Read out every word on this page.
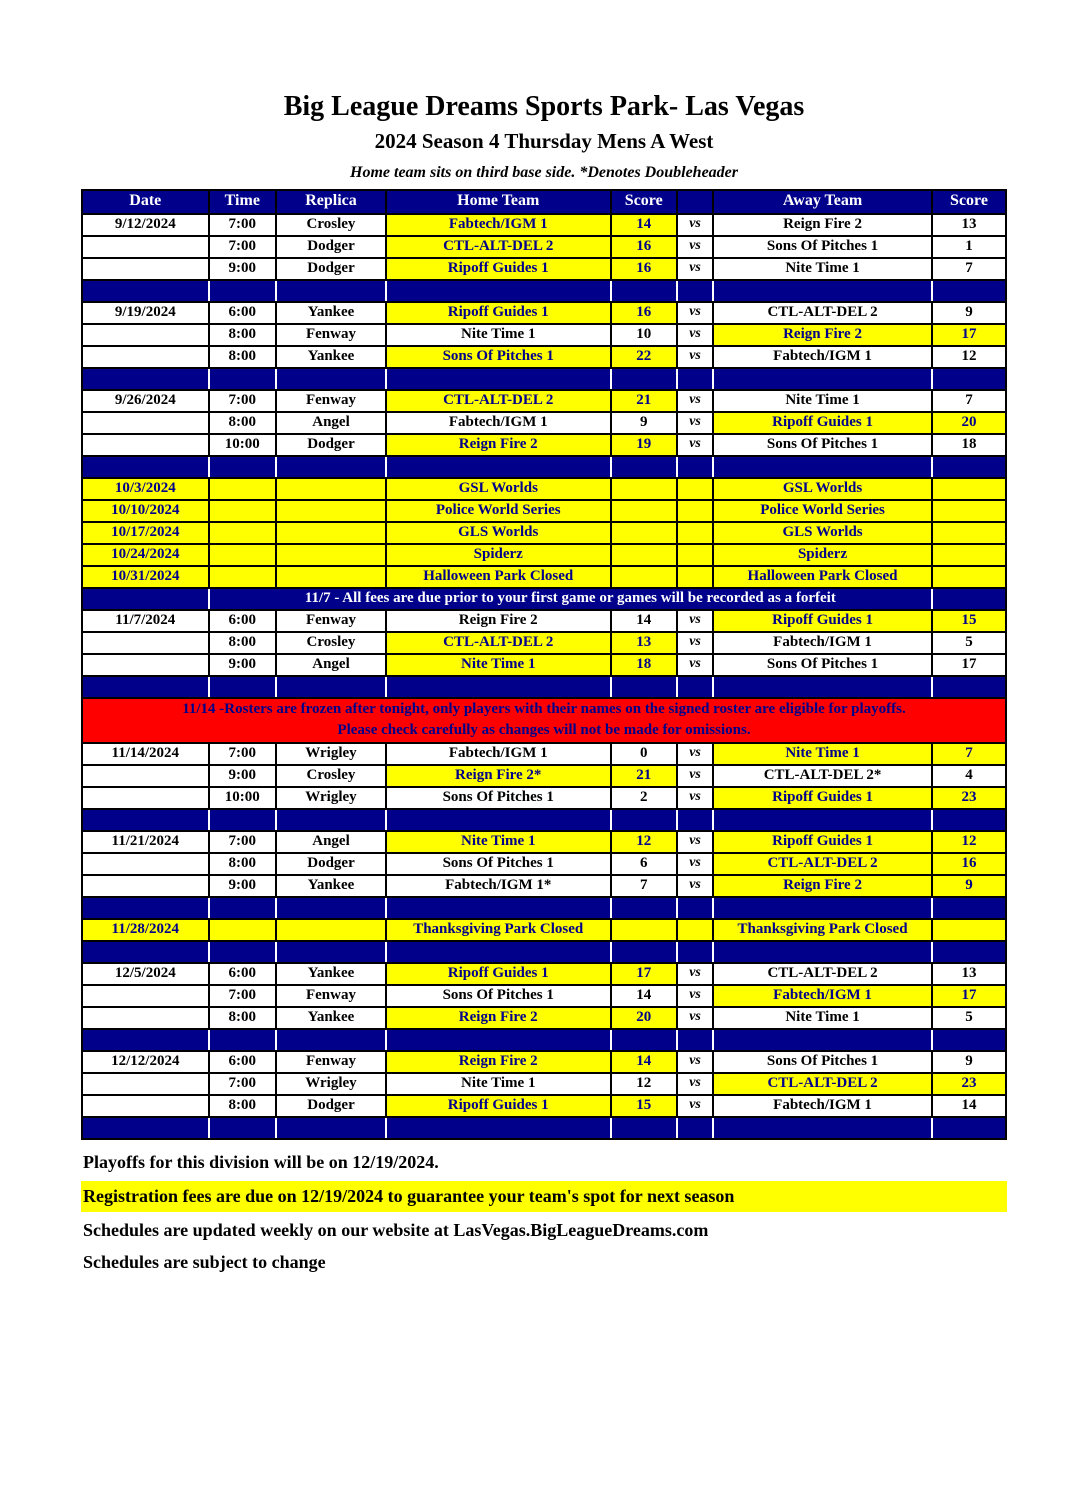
Big League Dreams Sports Park- Las Vegas
2024 Season 4 Thursday Mens A West
Home team sits on third base side. *Denotes Doubleheader
Date	Time	Replica	Home Team	Score		Away Team	Score
9/12/2024	7:00	Crosley	Fabtech/IGM 1	14	vs	Reign Fire 2	13
	7:00	Dodger	CTL-ALT-DEL 2	16	vs	Sons Of Pitches 1	1
	9:00	Dodger	Ripoff Guides 1	16	vs	Nite Time 1	7

9/19/2024	6:00	Yankee	Ripoff Guides 1	16	vs	CTL-ALT-DEL 2	9
	8:00	Fenway	Nite Time 1	10	vs	Reign Fire 2	17
	8:00	Yankee	Sons Of Pitches 1	22	vs	Fabtech/IGM 1	12

9/26/2024	7:00	Fenway	CTL-ALT-DEL 2	21	vs	Nite Time 1	7
	8:00	Angel	Fabtech/IGM 1	9	vs	Ripoff Guides 1	20
	10:00	Dodger	Reign Fire 2	19	vs	Sons Of Pitches 1	18

10/3/2024			GSL Worlds			GSL Worlds	
10/10/2024			Police World Series			Police World Series	
10/17/2024			GLS Worlds			GLS Worlds	
10/24/2024			Spiderz			Spiderz	
10/31/2024			Halloween Park Closed			Halloween Park Closed	
	11/7 - All fees are due prior to your first game or games will be recorded as a forfeit						
11/7/2024	6:00	Fenway	Reign Fire 2	14	vs	Ripoff Guides 1	15
	8:00	Crosley	CTL-ALT-DEL 2	13	vs	Fabtech/IGM 1	5
	9:00	Angel	Nite Time 1	18	vs	Sons Of Pitches 1	17

11/14 -Rosters are frozen after tonight, only players with their names on the signed roster are eligible for playoffs.
Please check carefully as changes will not be made for omissions.							

11/14/2024	7:00	Wrigley	Fabtech/IGM 1	0	vs	Nite Time 1	7
	9:00	Crosley	Reign Fire 2*	21	vs	CTL-ALT-DEL 2*	4
	10:00	Wrigley	Sons Of Pitches 1	2	vs	Ripoff Guides 1	23

11/21/2024	7:00	Angel	Nite Time 1	12	vs	Ripoff Guides 1	12
	8:00	Dodger	Sons Of Pitches 1	6	vs	CTL-ALT-DEL 2	16
	9:00	Yankee	Fabtech/IGM 1*	7	vs	Reign Fire 2	9

11/28/2024			Thanksgiving Park Closed			Thanksgiving Park Closed	

12/5/2024	6:00	Yankee	Ripoff Guides 1	17	vs	CTL-ALT-DEL 2	13
	7:00	Fenway	Sons Of Pitches 1	14	vs	Fabtech/IGM 1	17
	8:00	Yankee	Reign Fire 2	20	vs	Nite Time 1	5

12/12/2024	6:00	Fenway	Reign Fire 2	14	vs	Sons Of Pitches 1	9
	7:00	Wrigley	Nite Time 1	12	vs	CTL-ALT-DEL 2	23
	8:00	Dodger	Ripoff Guides 1	15	vs	Fabtech/IGM 1	14

Playoffs for this division will be on 12/19/2024.
Registration fees are due on 12/19/2024 to guarantee your team's spot for next season
Schedules are updated weekly on our website at LasVegas.BigLeagueDreams.com
Schedules are subject to change
